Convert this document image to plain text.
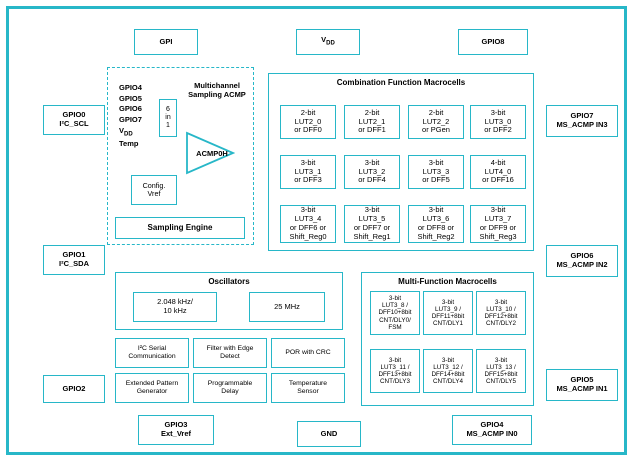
GPI	$V_{DD}$	GPIO8
GPIO0
I²C_SCL
GPIO1
I²C_SDA
GPIO2
GPIO7
MS_ACMP IN3
GPIO6
MS_ACMP IN2
GPIO5
MS_ACMP IN1
GPIO3
Ext_Vref	GND
GPIO4
MS_ACMP IN0
GPIO4
GPIO5
GPIO6
GPIO7
$V_{DD}$
Temp
Multichannel
Sampling ACMP
6
in
1
ACMP0H
Config.
Vref
Sampling Engine
Combination Function Macrocells
2-bit
LUT2_0
or DFF0
2-bit
LUT2_1
or DFF1
2-bit
LUT2_2
or PGen
3-bit
LUT3_0
or DFF2
3-bit
LUT3_1
or DFF3
3-bit
LUT3_2
or DFF4
3-bit
LUT3_3
or DFF5
4-bit
LUT4_0
or DFF16
3-bit
LUT3_4
or DFF6 or
Shift_Reg0
3-bit
LUT3_5
or DFF7 or
Shift_Reg1
3-bit
LUT3_6
or DFF8 or
Shift_Reg2
3-bit
LUT3_7
or DFF9 or
Shift_Reg3
Oscillators
2.048 kHz/
10 kHz	25 MHz
Multi-Function Macrocells
3-bit
LUT3_8 /
DFF10+8bit
CNT/DLY0/
FSM
3-bit
LUT3_9 /
DFF11+8bit
CNT/DLY1
3-bit
LUT3_10 /
DFF12+8bit
CNT/DLY2
3-bit
LUT3_11 /
DFF13+8bit
CNT/DLY3
3-bit
LUT3_12 /
DFF14+8bit
CNT/DLY4
3-bit
LUT3_13 /
DFF15+8bit
CNT/DLY5
I²C Serial
Communication
Filter with Edge
Detect
POR with CRC
Extended Pattern
Generator
Programmable
Delay
Temperature
Sensor
